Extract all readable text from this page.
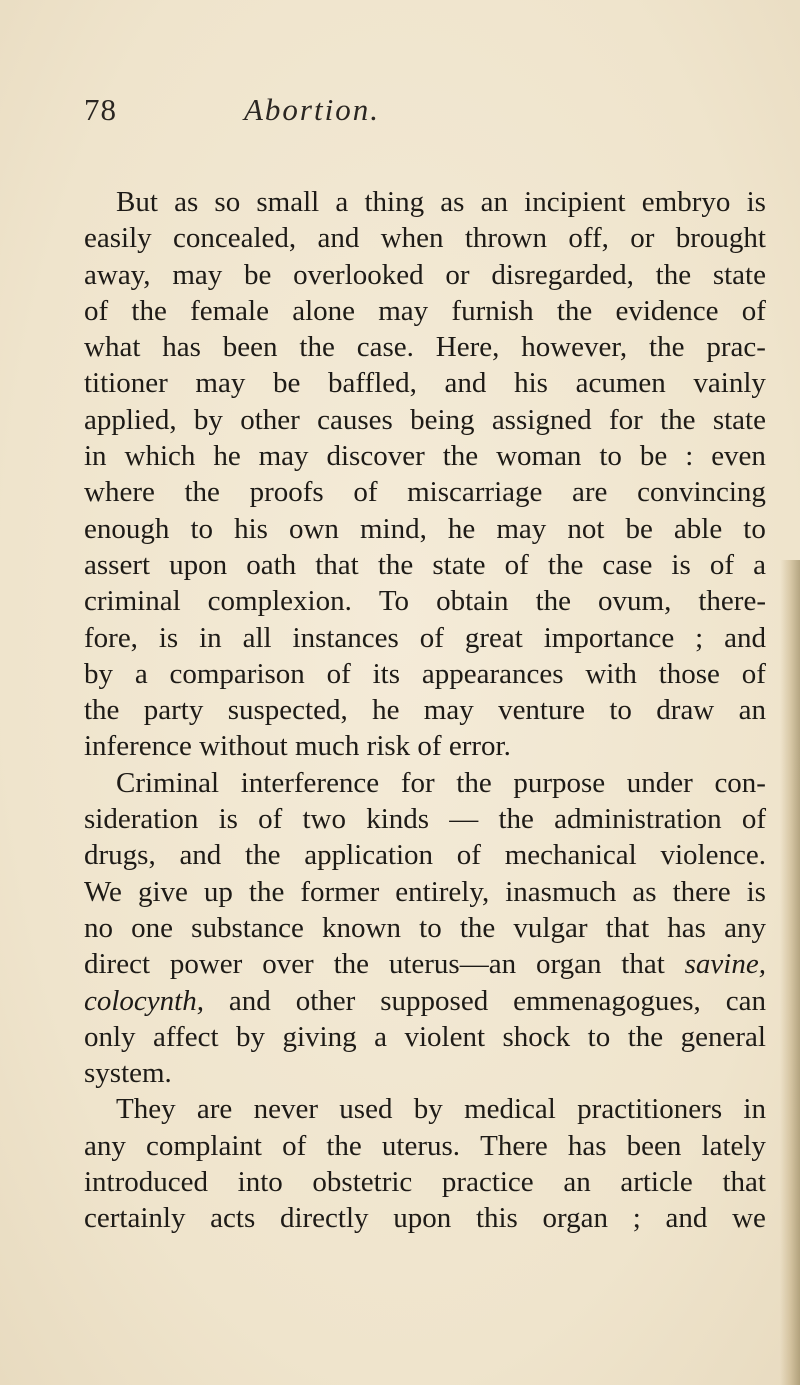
78	Abortion.
But as so small a thing as an incipient embryo is
easily concealed, and when thrown off, or brought
away, may be overlooked or disregarded, the state
of the female alone may furnish the evidence of
what has been the case. Here, however, the prac-
titioner may be baffled, and his acumen vainly
applied, by other causes being assigned for the state
in which he may discover the woman to be : even
where the proofs of miscarriage are convincing
enough to his own mind, he may not be able to
assert upon oath that the state of the case is of a
criminal complexion. To obtain the ovum, there-
fore, is in all instances of great importance ; and
by a comparison of its appearances with those of
the party suspected, he may venture to draw an
inference
without
much
risk
of
error.
Criminal interference for the purpose under con-
sideration is of two kinds — the administration of
drugs, and the application of mechanical violence.
We give up the former entirely, inasmuch as there is
no one substance known to the vulgar that has any
direct power over the uterus—an organ that savine,
colocynth, and other supposed emmenagogues, can
only affect by giving a violent shock to the general
system.
They are never used by medical practitioners in
any complaint of the uterus. There has been lately
introduced into obstetric practice an article that
certainly acts directly upon this organ ; and we
